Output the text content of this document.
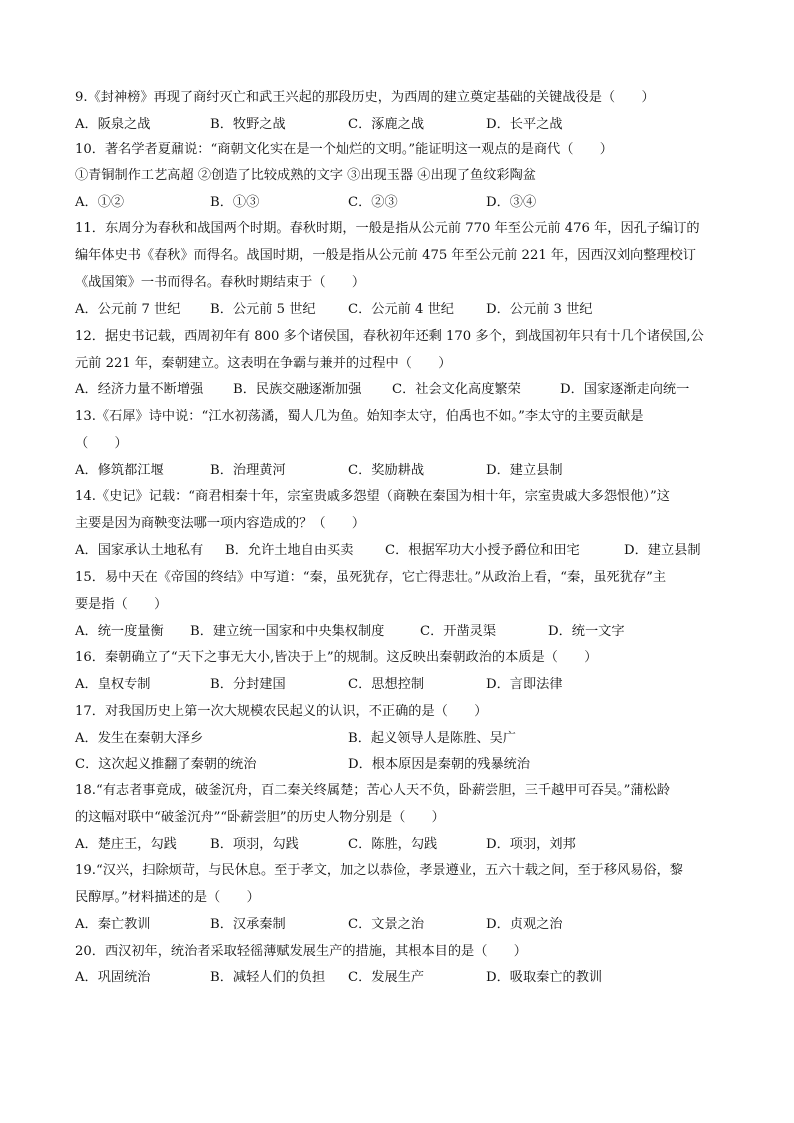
9.《封神榜》再现了商纣灭亡和武王兴起的那段历史，为西周的建立奠定基础的关键战役是（　　）
A．阪泉之战	B．牧野之战	C．涿鹿之战	D．长平之战
10．著名学者夏鼐说：“商朝文化实在是一个灿烂的文明。”能证明这一观点的是商代（　　）
①青铜制作工艺高超 ②创造了比较成熟的文字 ③出现玉器 ④出现了鱼纹彩陶盆
A．①②	B．①③	C．②③	D．③④
11．东周分为春秋和战国两个时期。春秋时期，一般是指从公元前 770 年至公元前 476 年，因孔子编订的
编年体史书《春秋》而得名。战国时期，一般是指从公元前 475 年至公元前 221 年，因西汉刘向整理校订
《战国策》一书而得名。春秋时期结束于（　　）
A．公元前 7 世纪 B．公元前 5 世纪 C．公元前 4 世纪 D．公元前 3 世纪
12．据史书记载，西周初年有 800 多个诸侯国，春秋初年还剩 170 多个，到战国初年只有十几个诸侯国,公
元前 221 年，秦朝建立。这表明在争霸与兼并的过程中（　　）
A．经济力量不断增强 B．民族交融逐渐加强 C．社会文化高度繁荣	D．国家逐渐走向统一
13.《石犀》诗中说：“江水初荡潏，蜀人几为鱼。始知李太守，伯禹也不如。”李太守的主要贡献是
（　　）
A．修筑都江堰	B．治理黄河	C．奖励耕战	D．建立县制
14.《史记》记载：“商君相秦十年，宗室贵戚多怨望（商鞅在秦国为相十年，宗室贵戚大多怨恨他）”这
主要是因为商鞅变法哪一项内容造成的？（　　）
A．国家承认土地私有 B．允许土地自由买卖 C．根据军功大小授予爵位和田宅	D．建立县制
15．易中天在《帝国的终结》中写道：“秦，虽死犹存，它亡得悲壮。”从政治上看，“秦，虽死犹存”主
要是指（　　）
A．统一度量衡 B．建立统一国家和中央集权制度	C．开凿灵渠	D．统一文字
16．秦朝确立了“天下之事无大小,皆决于上”的规制。这反映出秦朝政治的本质是（　　）
A．皇权专制	B．分封建国	C．思想控制	D．言即法律
17．对我国历史上第一次大规模农民起义的认识，不正确的是（　　）
A．发生在秦朝大泽乡	B．起义领导人是陈胜、吴广
C．这次起义推翻了秦朝的统治	D．根本原因是秦朝的残暴统治
18.“有志者事竟成，破釜沉舟，百二秦关终属楚；苦心人天不负，卧薪尝胆，三千越甲可吞吴。”蒲松龄
的这幅对联中“破釜沉舟”“卧薪尝胆”的历史人物分别是（　　）
A．楚庄王，勾践	B．项羽，勾践	C．陈胜，勾践	D．项羽，刘邦
19.“汉兴，扫除烦苛，与民休息。至于孝文，加之以恭俭，孝景遵业，五六十载之间，至于移风易俗，黎
民醇厚。”材料描述的是（　　）
A．秦亡教训	B．汉承秦制	C．文景之治	D．贞观之治
20．西汉初年，统治者采取轻徭薄赋发展生产的措施，其根本目的是（　　）
A．巩固统治	B．减轻人们的负担 C．发展生产	D．吸取秦亡的教训
